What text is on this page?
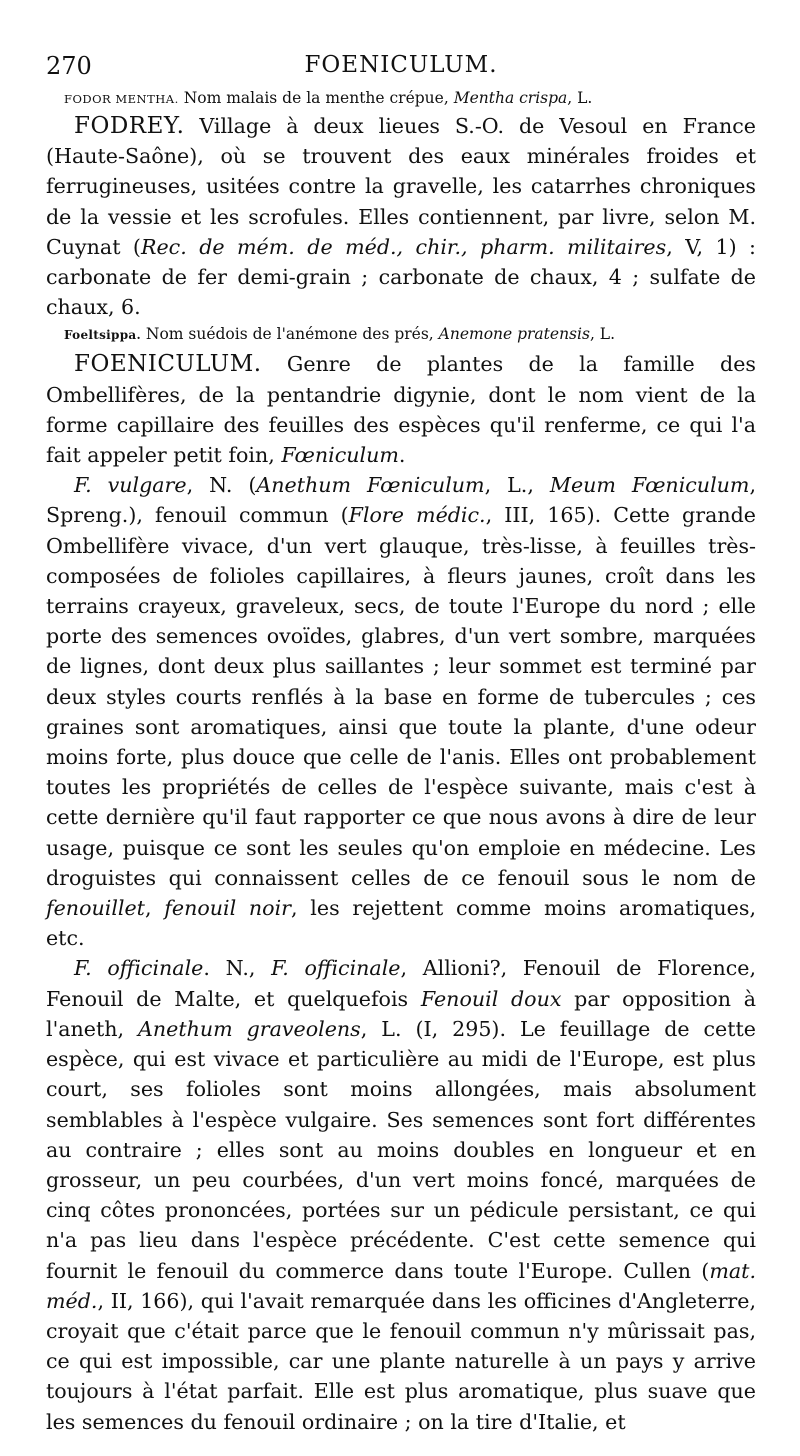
270	FOENICULUM.

FODOR MENTHA. Nom malais de la menthe crépue, Mentha crispa, L.

FODREY. Village à deux lieues S.-O. de Vesoul en France (Haute-Saône), où se trouvent des eaux minérales froides et ferrugineuses, usitées contre la gravelle, les catarrhes chroniques de la vessie et les scrofules. Elles contiennent, par livre, selon M. Cuynat (Rec. de mém. de méd., chir., pharm. militaires, V, 1) : carbonate de fer demi-grain ; carbonate de chaux, 4 ; sulfate de chaux, 6.

Foeltsippa. Nom suédois de l'anémone des prés, Anemone pratensis, L.

FOENICULUM. Genre de plantes de la famille des Ombellifères, de la pentandrie digynie, dont le nom vient de la forme capillaire des feuilles des espèces qu'il renferme, ce qui l'a fait appeler petit foin, Fœniculum.

F. vulgare, N. (Anethum Fœniculum, L., Meum Fœniculum, Spreng.), fenouil commun (Flore médic., III, 165). Cette grande Ombellifère vivace, d'un vert glauque, très-lisse, à feuilles très-composées de folioles capillaires, à fleurs jaunes, croît dans les terrains crayeux, graveleux, secs, de toute l'Europe du nord ; elle porte des semences ovoïdes, glabres, d'un vert sombre, marquées de lignes, dont deux plus saillantes ; leur sommet est terminé par deux styles courts renflés à la base en forme de tubercules ; ces graines sont aromatiques, ainsi que toute la plante, d'une odeur moins forte, plus douce que celle de l'anis. Elles ont probablement toutes les propriétés de celles de l'espèce suivante, mais c'est à cette dernière qu'il faut rapporter ce que nous avons à dire de leur usage, puisque ce sont les seules qu'on emploie en médecine. Les droguistes qui connaissent celles de ce fenouil sous le nom de fenouillet, fenouil noir, les rejettent comme moins aromatiques, etc.

F. officinale. N., F. officinale, Allioni?, Fenouil de Florence, Fenouil de Malte, et quelquefois Fenouil doux par opposition à l'aneth, Anethum graveolens, L. (I, 295). Le feuillage de cette espèce, qui est vivace et particulière au midi de l'Europe, est plus court, ses folioles sont moins allongées, mais absolument semblables à l'espèce vulgaire. Ses semences sont fort différentes au contraire ; elles sont au moins doubles en longueur et en grosseur, un peu courbées, d'un vert moins foncé, marquées de cinq côtes prononcées, portées sur un pédicule persistant, ce qui n'a pas lieu dans l'espèce précédente. C'est cette semence qui fournit le fenouil du commerce dans toute l'Europe. Cullen (mat. méd., II, 166), qui l'avait remarquée dans les officines d'Angleterre, croyait que c'était parce que le fenouil commun n'y mûrissait pas, ce qui est impossible, car une plante naturelle à un pays y arrive toujours à l'état parfait. Elle est plus aromatique, plus suave que les semences du fenouil ordinaire ; on la tire d'Italie, et
